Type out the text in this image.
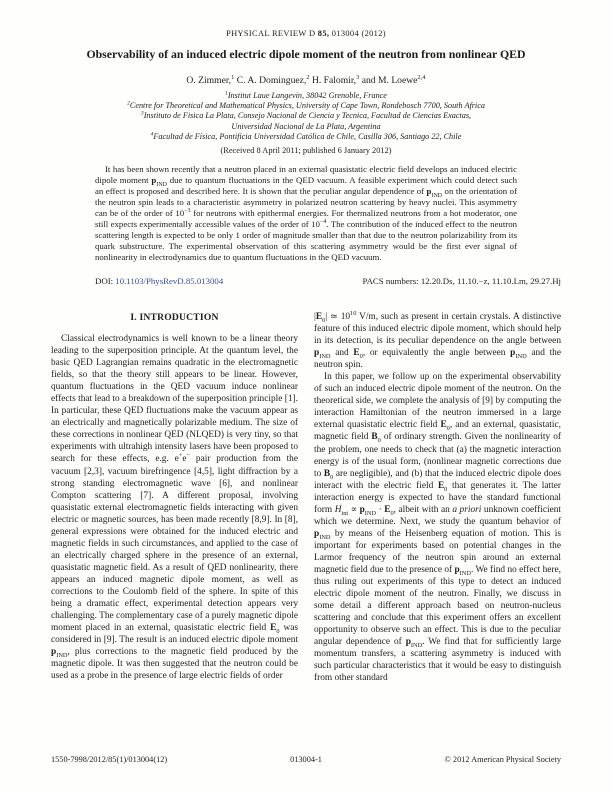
PHYSICAL REVIEW D 85, 013004 (2012)
Observability of an induced electric dipole moment of the neutron from nonlinear QED
O. Zimmer,$^1$ C. A. Dominguez,$^2$ H. Falomir,$^3$ and M. Loewe$^{2,4}$
$^1$Institut Laue Langevin, 38042 Grenoble, France
$^2$Centre for Theoretical and Mathematical Physics, University of Cape Town, Rondebosch 7700, South Africa
$^3$Instituto de Fisica La Plata, Consejo Nacional de Ciencia y Tecnica, Facultad de Ciencias Exactas,
Universidad Nacional de La Plata, Argentina
$^4$Facultad de Física, Pontificia Universidad Católica de Chile, Casilla 306, Santiago 22, Chile
(Received 8 April 2011; published 6 January 2012)
It has been shown recently that a neutron placed in an external quasistatic electric field develops an induced electric dipole moment $p_{IND}$ due to quantum fluctuations in the QED vacuum. A feasible experiment which could detect such an effect is proposed and described here. It is shown that the peculiar angular dependence of $p_{IND}$ on the orientation of the neutron spin leads to a characteristic asymmetry in polarized neutron scattering by heavy nuclei. This asymmetry can be of the order of $10^{-3}$ for neutrons with epithermal energies. For thermalized neutrons from a hot moderator, one still expects experimentally accessible values of the order of $10^{-4}$. The contribution of the induced effect to the neutron scattering length is expected to be only 1 order of magnitude smaller than that due to the neutron polarizability from its quark substructure. The experimental observation of this scattering asymmetry would be the first ever signal of nonlinearity in electrodynamics due to quantum fluctuations in the QED vacuum.
DOI: 10.1103/PhysRevD.85.013004	PACS numbers: 12.20.Ds, 11.10.−z, 11.10.Lm, 29.27.Hj
I. INTRODUCTION
Classical electrodynamics is well known to be a linear theory leading to the superposition principle. At the quantum level, the basic QED Lagrangian remains quadratic in the electromagnetic fields, so that the theory still appears to be linear. However, quantum fluctuations in the QED vacuum induce nonlinear effects that lead to a breakdown of the superposition principle [1]. In particular, these QED fluctuations make the vacuum appear as an electrically and magnetically polarizable medium. The size of these corrections in nonlinear QED (NLQED) is very tiny, so that experiments with ultrahigh intensity lasers have been proposed to search for these effects, e.g. e+e− pair production from the vacuum [2,3], vacuum birefringence [4,5], light diffraction by a strong standing electromagnetic wave [6], and nonlinear Compton scattering [7]. A different proposal, involving quasistatic external electromagnetic fields interacting with given electric or magnetic sources, has been made recently [8,9]. In [8], general expressions were obtained for the induced electric and magnetic fields in such circumstances, and applied to the case of an electrically charged sphere in the presence of an external, quasistatic magnetic field. As a result of QED nonlinearity, there appears an induced magnetic dipole moment, as well as corrections to the Coulomb field of the sphere. In spite of this being a dramatic effect, experimental detection appears very challenging. The complementary case of a purely magnetic dipole moment placed in an external, quasistatic electric field $E_0$ was considered in [9]. The result is an induced electric dipole moment $p_{IND}$, plus corrections to the magnetic field produced by the magnetic dipole. It was then suggested that the neutron could be used as a probe in the presence of large electric fields of order
$|E_0|$ ≃ $10^{10}$ V/m, such as present in certain crystals. A distinctive feature of this induced electric dipole moment, which should help in its detection, is its peculiar dependence on the angle between $p_{IND}$ and $E_0$, or equivalently the angle between $p_{IND}$ and the neutron spin.
In this paper, we follow up on the experimental observability of such an induced electric dipole moment of the neutron. On the theoretical side, we complete the analysis of [9] by computing the interaction Hamiltonian of the neutron immersed in a large external quasistatic electric field $E_0$, and an external, quasistatic, magnetic field $B_0$ of ordinary strength. Given the nonlinearity of the problem, one needs to check that (a) the magnetic interaction energy is of the usual form, (nonlinear magnetic corrections due to $B_0$ are negligible), and (b) that the induced electric dipole does interact with the electric field $E_0$ that generates it. The latter interaction energy is expected to have the standard functional form $H_{int} \propto p_{IND} \cdot E_0$, albeit with an a priori unknown coefficient which we determine. Next, we study the quantum behavior of $p_{IND}$ by means of the Heisenberg equation of motion. This is important for experiments based on potential changes in the Larmor frequency of the neutron spin around an external magnetic field due to the presence of $p_{IND}$. We find no effect here, thus ruling out experiments of this type to detect an induced electric dipole moment of the neutron. Finally, we discuss in some detail a different approach based on neutron-nucleus scattering and conclude that this experiment offers an excellent opportunity to observe such an effect. This is due to the peculiar angular dependence of $p_{IND}$. We find that for sufficiently large momentum transfers, a scattering asymmetry is induced with such particular characteristics that it would be easy to distinguish from other standard
1550-7998/2012/85(1)/013004(12)	013004-1	© 2012 American Physical Society
